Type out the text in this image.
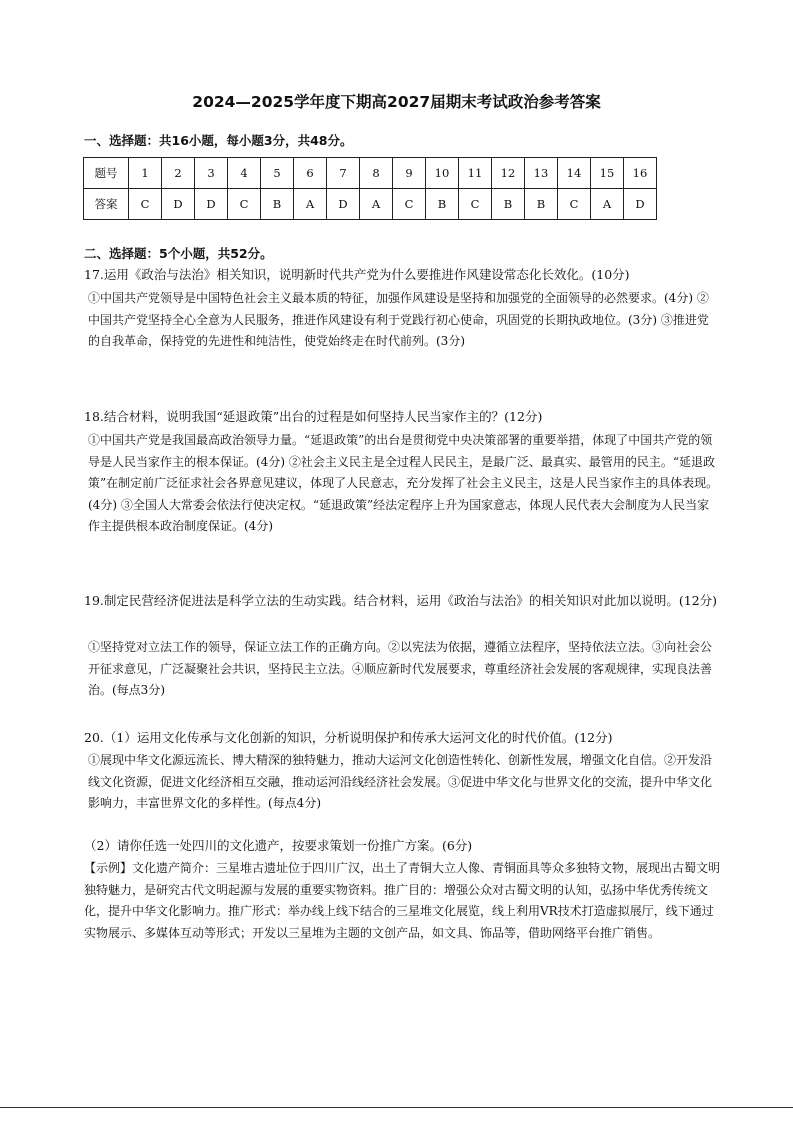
2024—2025学年度下期高2027届期末考试政治参考答案
一、选择题：共16小题，每小题3分，共48分。
题号	1	2	3	4	5	6	7	8	9	10	11	12	13	14	15	16
答案	C	D	D	C	B	A	D	A	C	B	C	B	B	C	A	D
二、选择题：5个小题，共52分。

17.运用《政治与法治》相关知识，说明新时代共产党为什么要推进作风建设常态化长效化。(10分)

①中国共产党领导是中国特色社会主义最本质的特征，加强作风建设是坚持和加强党的全面领导的必然要求。(4分) ②中国共产党坚持全心全意为人民服务，推进作风建设有利于党践行初心使命，巩固党的长期执政地位。(3分) ③推进党的自我革命，保持党的先进性和纯洁性，使党始终走在时代前列。(3分)

18.结合材料，说明我国“延退政策”出台的过程是如何坚持人民当家作主的？(12分)

①中国共产党是我国最高政治领导力量。“延退政策”的出台是贯彻党中央决策部署的重要举措，体现了中国共产党的领导是人民当家作主的根本保证。(4分) ②社会主义民主是全过程人民民主，是最广泛、最真实、最管用的民主。“延退政策”在制定前广泛征求社会各界意见建议，体现了人民意志，充分发挥了社会主义民主，这是人民当家作主的具体表现。(4分) ③全国人大常委会依法行使决定权。“延退政策”经法定程序上升为国家意志，体现人民代表大会制度为人民当家作主提供根本政治制度保证。(4分)

19.制定民营经济促进法是科学立法的生动实践。结合材料，运用《政治与法治》的相关知识对此加以说明。(12分)

①坚持党对立法工作的领导，保证立法工作的正确方向。②以宪法为依据，遵循立法程序，坚持依法立法。③向社会公开征求意见，广泛凝聚社会共识，坚持民主立法。④顺应新时代发展要求，尊重经济社会发展的客观规律，实现良法善治。(每点3分)

20.（1）运用文化传承与文化创新的知识，分析说明保护和传承大运河文化的时代价值。(12分)

①展现中华文化源远流长、博大精深的独特魅力，推动大运河文化创造性转化、创新性发展，增强文化自信。②开发沿线文化资源，促进文化经济相互交融，推动运河沿线经济社会发展。③促进中华文化与世界文化的交流，提升中华文化影响力，丰富世界文化的多样性。(每点4分)

（2）请你任选一处四川的文化遗产，按要求策划一份推广方案。(6分)

【示例】文化遗产简介：三星堆古遗址位于四川广汉，出土了青铜大立人像、青铜面具等众多独特文物，展现出古蜀文明独特魅力，是研究古代文明起源与发展的重要实物资料。推广目的：增强公众对古蜀文明的认知，弘扬中华优秀传统文化，提升中华文化影响力。推广形式：举办线上线下结合的三星堆文化展览，线上利用VR技术打造虚拟展厅，线下通过实物展示、多媒体互动等形式；开发以三星堆为主题的文创产品，如文具、饰品等，借助网络平台推广销售。
